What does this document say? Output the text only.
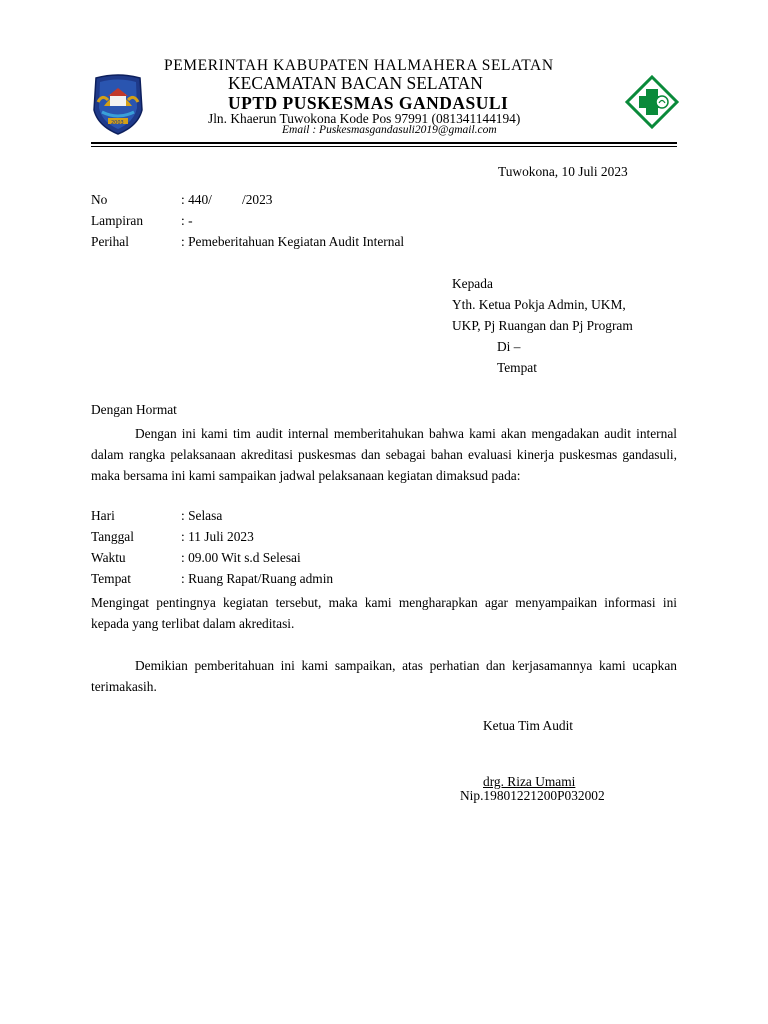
2003
PEMERINTAH KABUPATEN HALMAHERA SELATAN
KECAMATAN BACAN SELATAN
UPTD PUSKESMAS GANDASULI
Jln. Khaerun Tuwokona Kode Pos 97991 (081341144194)
Email : Puskesmasgandasuli2019@gmail.com
Tuwokona, 10 Juli 2023
No	: 440/         /2023
Lampiran	: -
Perihal	: Pemeberitahuan Kegiatan Audit Internal
Kepada
Yth. Ketua Pokja Admin, UKM,
UKP, Pj Ruangan dan Pj Program
Di –
Tempat
Dengan Hormat

Dengan ini kami tim audit internal memberitahukan bahwa kami akan mengadakan audit internal dalam rangka pelaksanaan akreditasi puskesmas dan sebagai bahan evaluasi kinerja puskesmas gandasuli, maka bersama ini kami sampaikan jadwal pelaksanaan kegiatan dimaksud pada:

Hari	: Selasa
Tanggal	: 11 Juli 2023
Waktu	: 09.00 Wit s.d Selesai
Tempat	: Ruang Rapat/Ruang admin

Mengingat pentingnya kegiatan tersebut, maka kami mengharapkan agar menyampaikan informasi ini kepada yang terlibat dalam akreditasi.

Demikian pemberitahuan ini kami sampaikan, atas perhatian dan kerjasamannya kami ucapkan terimakasih.

Ketua Tim Audit
drg. Riza Umami
Nip.19801221200P032002
